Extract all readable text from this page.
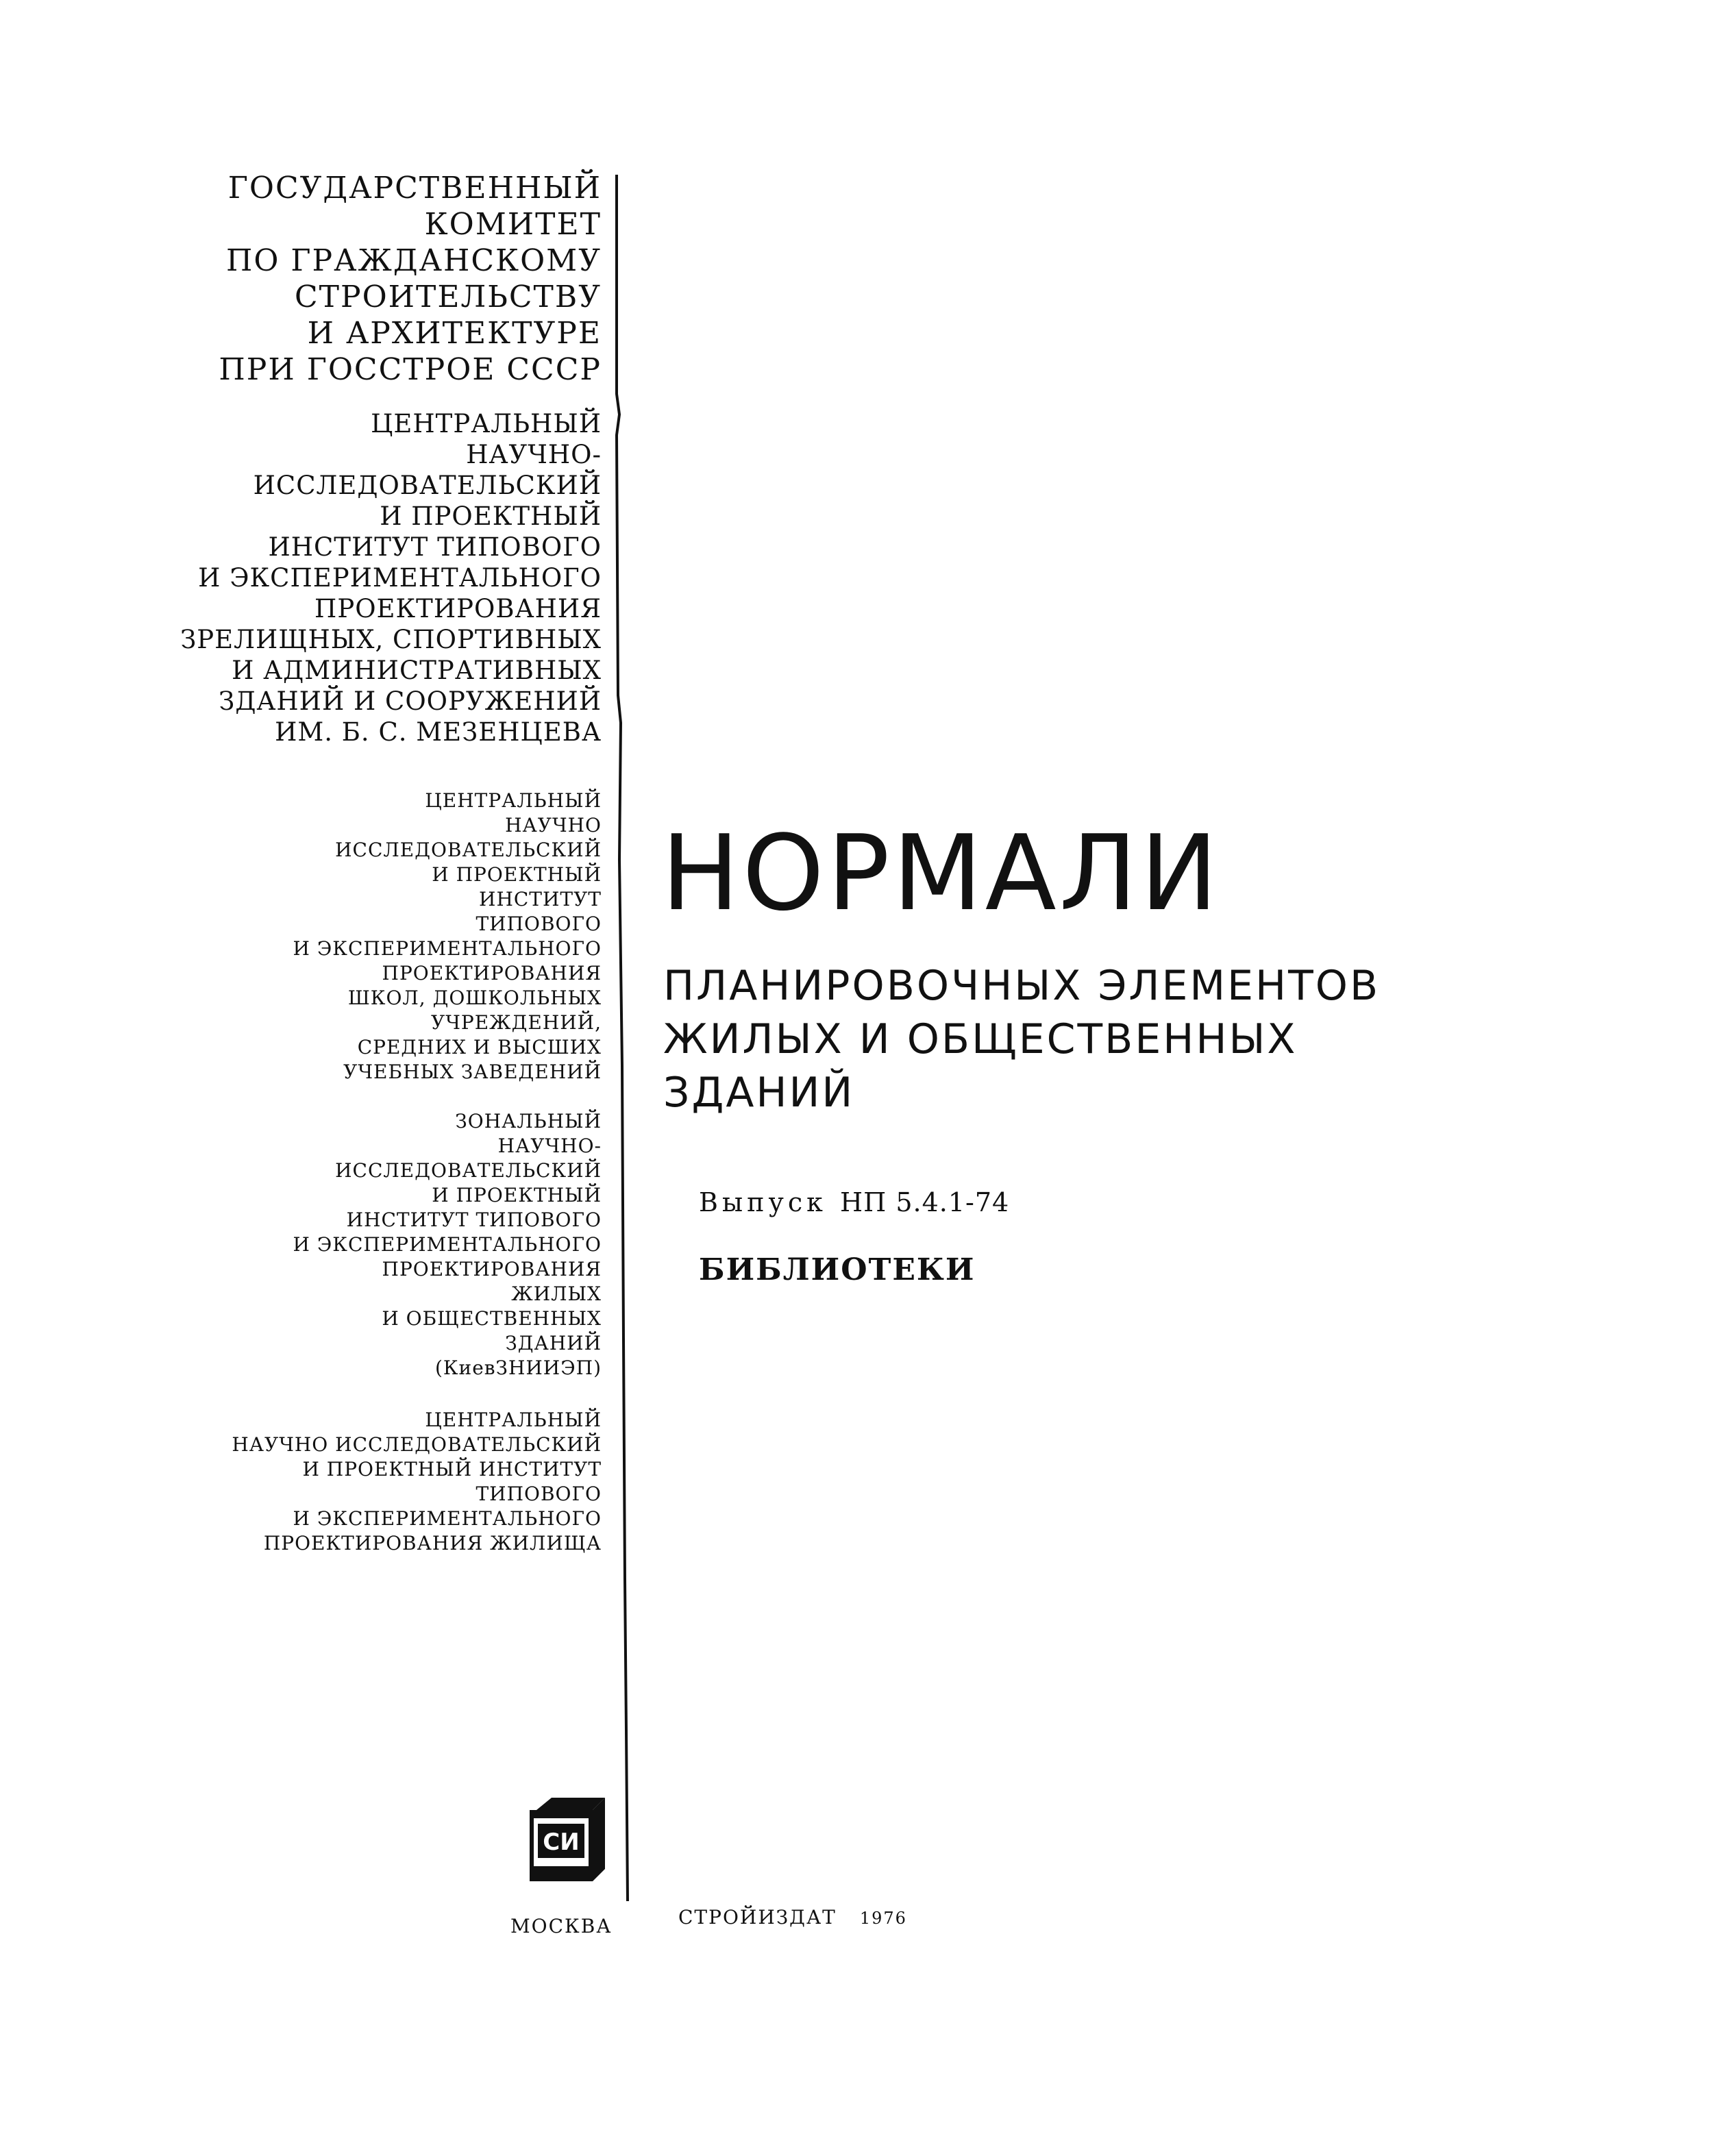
ГОСУДАРСТВЕННЫЙ
КОМИТЕТ
ПО ГРАЖДАНСКОМУ
СТРОИТЕЛЬСТВУ
И АРХИТЕКТУРЕ
ПРИ ГОССТРОЕ СССР
ЦЕНТРАЛЬНЫЙ
НАУЧНО-
ИССЛЕДОВАТЕЛЬСКИЙ
И ПРОЕКТНЫЙ
ИНСТИТУТ ТИПОВОГО
И ЭКСПЕРИМЕНТАЛЬНОГО
ПРОЕКТИРОВАНИЯ
ЗРЕЛИЩНЫХ, СПОРТИВНЫХ
И АДМИНИСТРАТИВНЫХ
ЗДАНИЙ И СООРУЖЕНИЙ
ИМ. Б. С. МЕЗЕНЦЕВА
ЦЕНТРАЛЬНЫЙ
НАУЧНО
ИССЛЕДОВАТЕЛЬСКИЙ
И ПРОЕКТНЫЙ
ИНСТИТУТ
ТИПОВОГО
И ЭКСПЕРИМЕНТАЛЬНОГО
ПРОЕКТИРОВАНИЯ
ШКОЛ, ДОШКОЛЬНЫХ
УЧРЕЖДЕНИЙ,
СРЕДНИХ И ВЫСШИХ
УЧЕБНЫХ ЗАВЕДЕНИЙ
ЗОНАЛЬНЫЙ
НАУЧНО-
ИССЛЕДОВАТЕЛЬСКИЙ
И ПРОЕКТНЫЙ
ИНСТИТУТ ТИПОВОГО
И ЭКСПЕРИМЕНТАЛЬНОГО
ПРОЕКТИРОВАНИЯ
ЖИЛЫХ
И ОБЩЕСТВЕННЫХ
ЗДАНИЙ
(КиевЗНИИЭП)
ЦЕНТРАЛЬНЫЙ
НАУЧНО ИССЛЕДОВАТЕЛЬСКИЙ
И ПРОЕКТНЫЙ ИНСТИТУТ
ТИПОВОГО
И ЭКСПЕРИМЕНТАЛЬНОГО
ПРОЕКТИРОВАНИЯ ЖИЛИЩА
НОРМАЛИ
ПЛАНИРОВОЧНЫХ ЭЛЕМЕНТОВ
ЖИЛЫХ И ОБЩЕСТВЕННЫХ
ЗДАНИЙ
Выпуск НП 5.4.1-74
БИБЛИОТЕКИ
СИ
МОСКВА	СТРОЙИЗДАТ 1976
